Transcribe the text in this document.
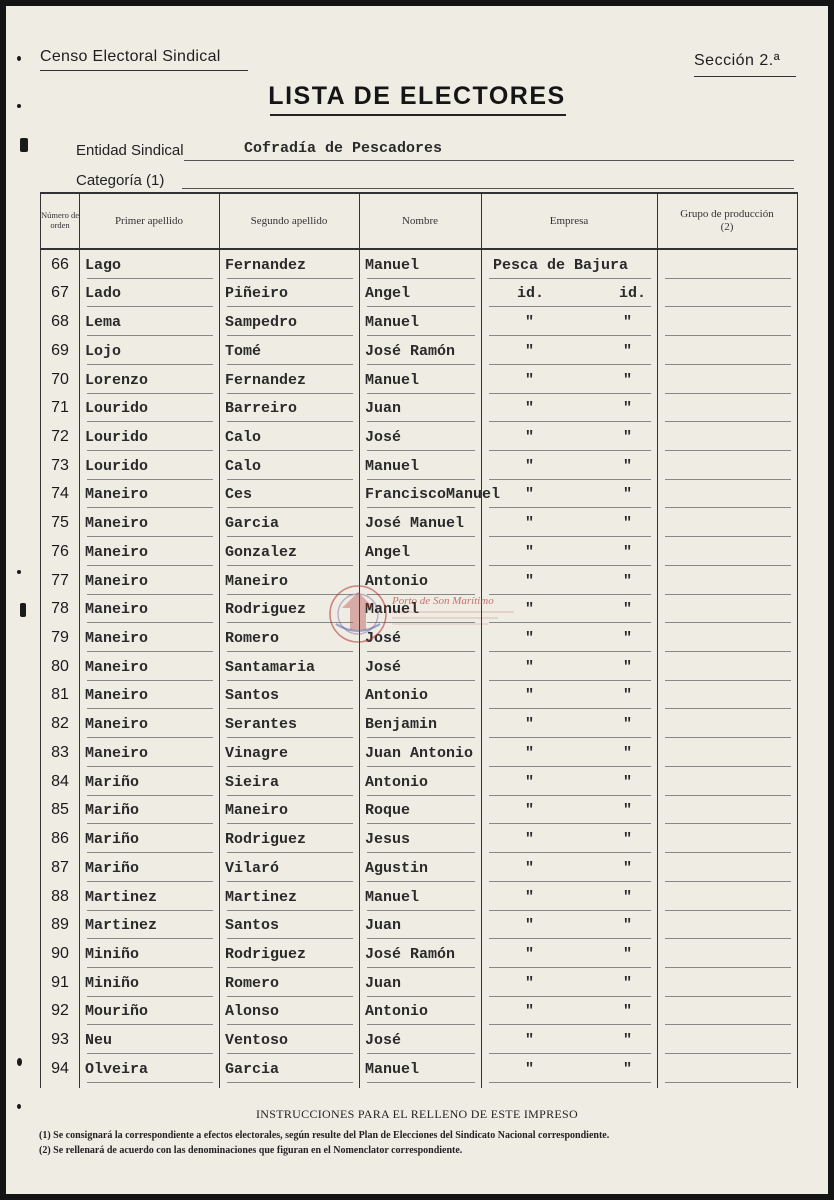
Censo Electoral Sindical	Sección 2.ª
LISTA DE ELECTORES
Entidad Sindical	Cofradía de Pescadores
Categoría (1)
Número de orden	Primer apellido	Segundo apellido	Nombre	Empresa
Grupo de producción (2)
66	Lago	Fernandez	Manuel	Pesca de Bajura
67	Lado	Piñeiro	Angel	id.	id.
68	Lema	Sampedro	Manuel	"	"
69	Lojo	Tomé	José Ramón	"	"
70	Lorenzo	Fernandez	Manuel	"	"
71	Lourido	Barreiro	Juan	"	"
72	Lourido	Calo	José	"	"
73	Lourido	Calo	Manuel	"	"
74	Maneiro	Ces	FranciscoManuel "	"
75	Maneiro	Garcia	José Manuel	"	"
76	Maneiro	Gonzalez	Angel	"	"
77	Maneiro	Maneiro	Antonio	"	"
78	Maneiro	Rodriguez	Manuel	"	"
79	Maneiro	Romero	José	"	"
80	Maneiro	Santamaria	José	"	"
81	Maneiro	Santos	Antonio	"	"
82	Maneiro	Serantes	Benjamin	"	"
83	Maneiro	Vinagre	Juan Antonio	"	"
84	Mariño	Sieira	Antonio	"	"
85	Mariño	Maneiro	Roque	"	"
86	Mariño	Rodriguez	Jesus	"	"
87	Mariño	Vilaró	Agustin	"	"
88	Martinez	Martinez	Manuel	"	"
89	Martinez	Santos	Juan	"	"
90	Miniño	Rodriguez	José Ramón	"	"
91	Miniño	Romero	Juan	"	"
92	Mouriño	Alonso	Antonio	"	"
93	Neu	Ventoso	José	"	"
94	Olveira	Garcia	Manuel	"	"
Porto de Son Marítimo
INSTRUCCIONES PARA EL RELLENO DE ESTE IMPRESO
(1) Se consignará la correspondiente a efectos electorales, según resulte del Plan de Elecciones del Sindicato Nacional correspondiente.
(2) Se rellenará de acuerdo con las denominaciones que figuran en el Nomenclator correspondiente.
